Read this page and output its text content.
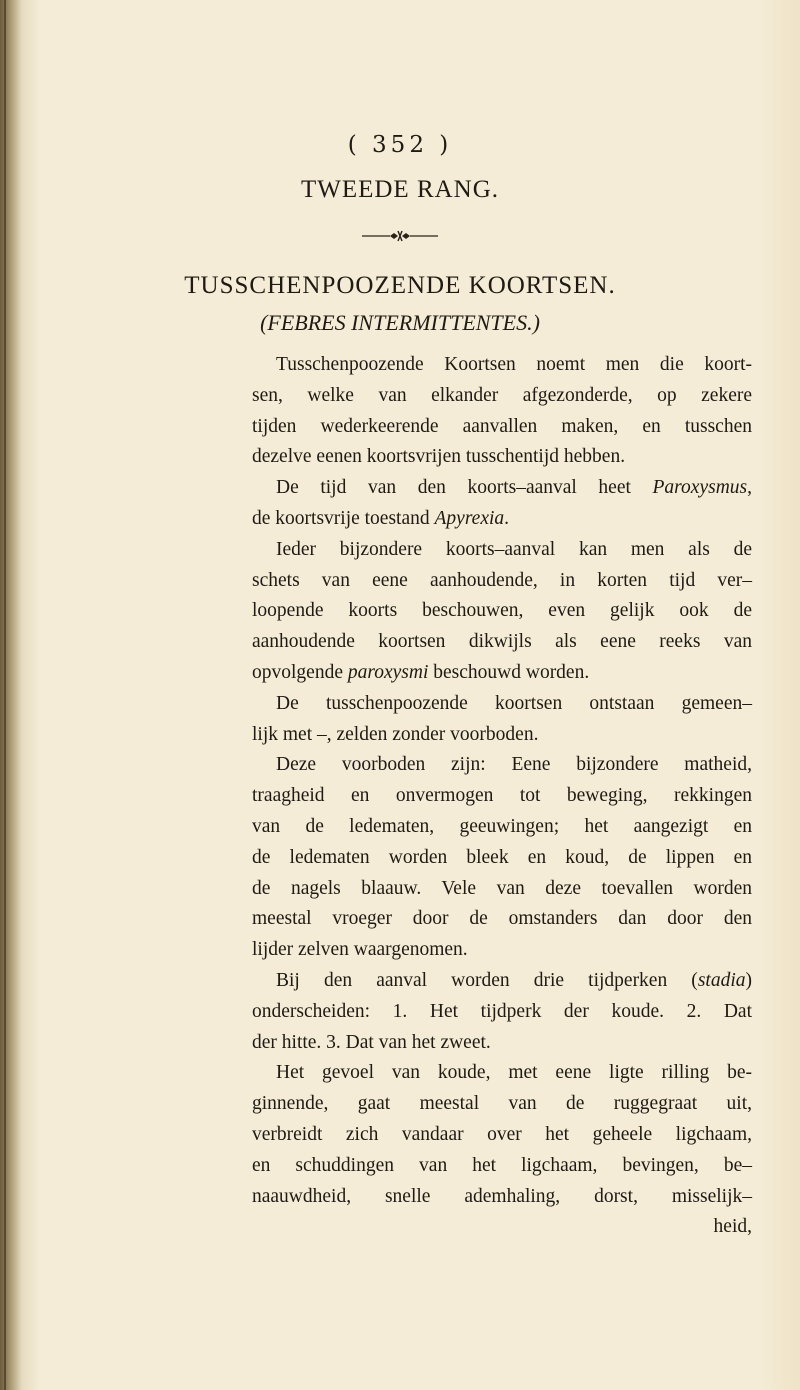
( 352 )
TWEEDE RANG.
TUSSCHENPOOZENDE KOORTSEN.
(FEBRES INTERMITTENTES.)
Tusschenpoozende Koortsen noemt men die koort-
sen, welke van elkander afgezonderde, op zekere
tijden wederkeerende aanvallen maken, en tusschen
dezelve eenen koortsvrijen tusschentijd hebben.
De tijd van den koorts–aanval heet Paroxysmus,
de koortsvrije toestand Apyrexia.
Ieder bijzondere koorts–aanval kan men als de
schets van eene aanhoudende, in korten tijd ver–
loopende koorts beschouwen, even gelijk ook de
aanhoudende koortsen dikwijls als eene reeks van
opvolgende paroxysmi beschouwd worden.
De tusschenpoozende koortsen ontstaan gemeen–
lijk met –, zelden zonder voorboden.
Deze voorboden zijn: Eene bijzondere matheid,
traagheid en onvermogen tot beweging, rekkingen
van de ledematen, geeuwingen; het aangezigt en
de ledematen worden bleek en koud, de lippen en
de nagels blaauw. Vele van deze toevallen worden
meestal vroeger door de omstanders dan door den
lijder zelven waargenomen.
Bij den aanval worden drie tijdperken (stadia)
onderscheiden: 1. Het tijdperk der koude. 2. Dat
der hitte. 3. Dat van het zweet.
Het gevoel van koude, met eene ligte rilling be-
ginnende, gaat meestal van de ruggegraat uit,
verbreidt zich vandaar over het geheele ligchaam,
en schuddingen van het ligchaam, bevingen, be–
naauwdheid, snelle ademhaling, dorst, misselijk–
heid,
